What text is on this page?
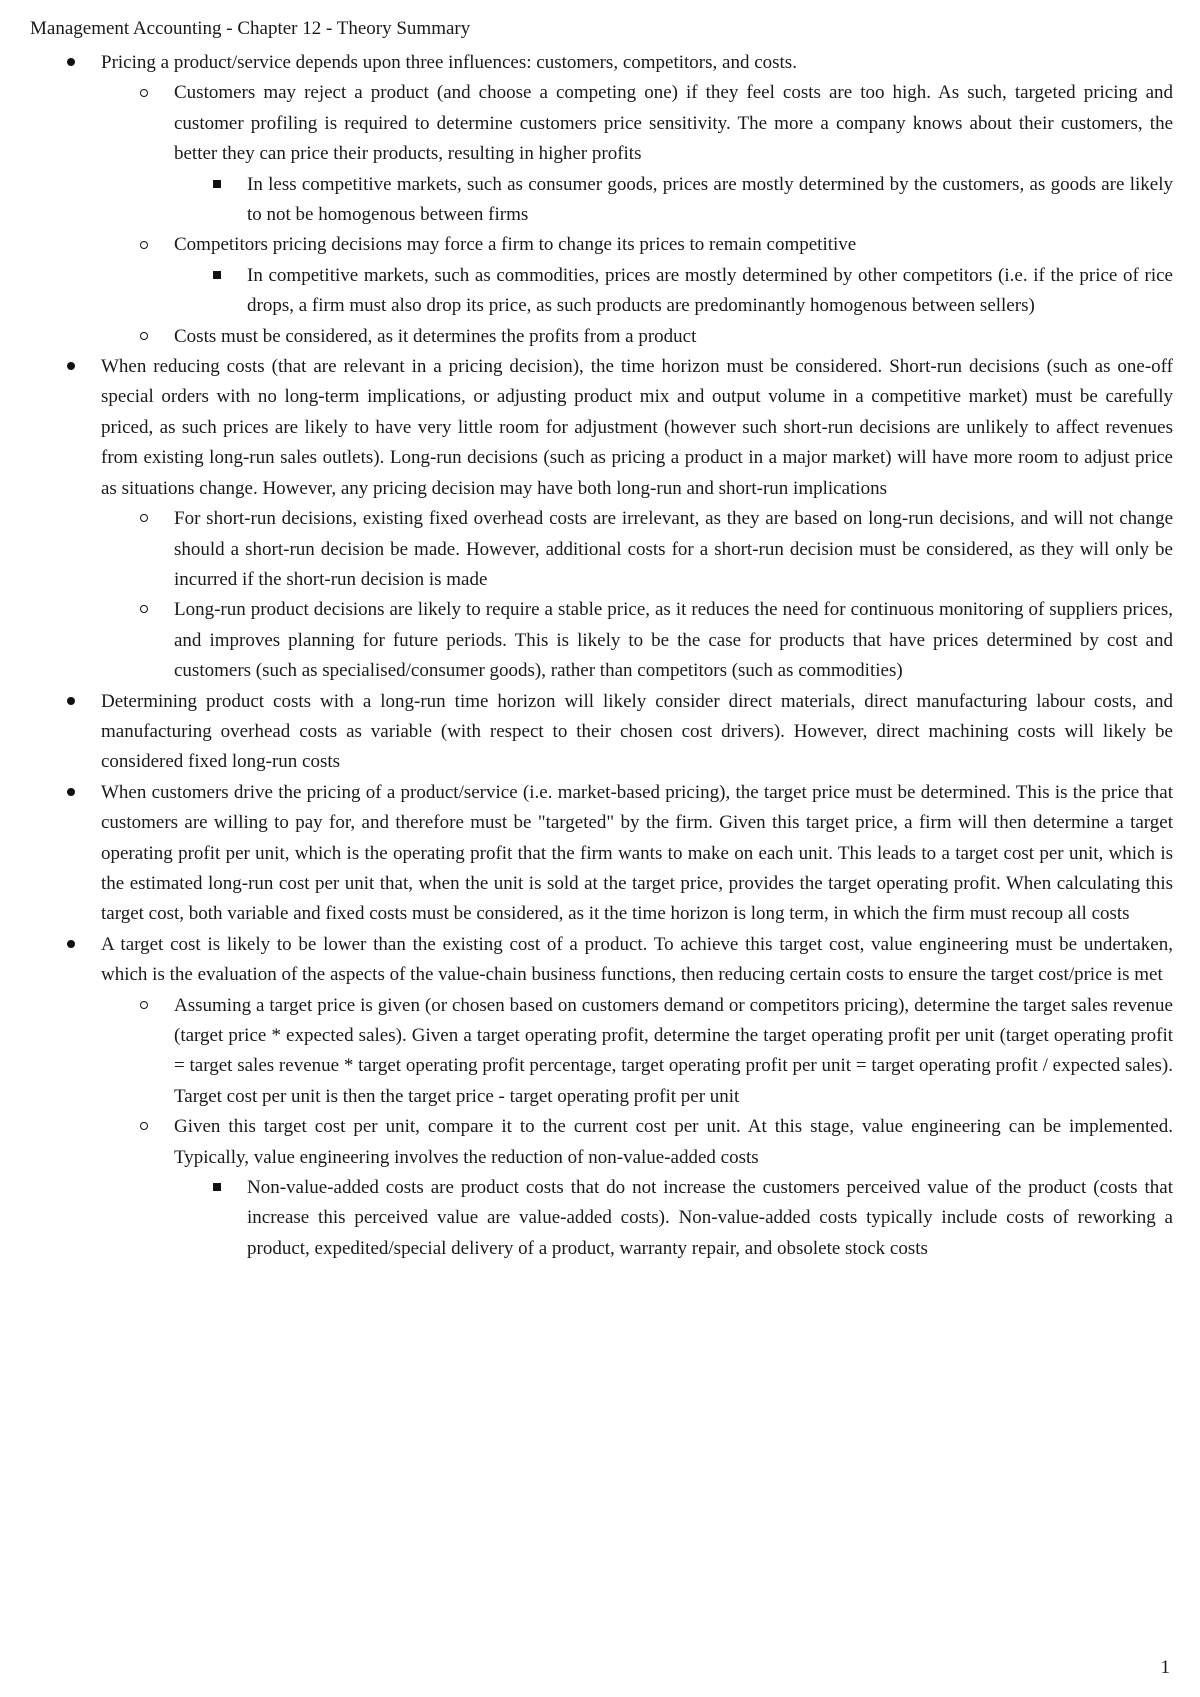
Management Accounting - Chapter 12 - Theory Summary
Pricing a product/service depends upon three influences: customers, competitors, and costs.
Customers may reject a product (and choose a competing one) if they feel costs are too high. As such, targeted pricing and customer profiling is required to determine customers price sensitivity. The more a company knows about their customers, the better they can price their products, resulting in higher profits
In less competitive markets, such as consumer goods, prices are mostly determined by the customers, as goods are likely to not be homogenous between firms
Competitors pricing decisions may force a firm to change its prices to remain competitive
In competitive markets, such as commodities, prices are mostly determined by other competitors (i.e. if the price of rice drops, a firm must also drop its price, as such products are predominantly homogenous between sellers)
Costs must be considered, as it determines the profits from a product
When reducing costs (that are relevant in a pricing decision), the time horizon must be considered. Short-run decisions (such as one-off special orders with no long-term implications, or adjusting product mix and output volume in a competitive market) must be carefully priced, as such prices are likely to have very little room for adjustment (however such short-run decisions are unlikely to affect revenues from existing long-run sales outlets). Long-run decisions (such as pricing a product in a major market) will have more room to adjust price as situations change. However, any pricing decision may have both long-run and short-run implications
For short-run decisions, existing fixed overhead costs are irrelevant, as they are based on long-run decisions, and will not change should a short-run decision be made. However, additional costs for a short-run decision must be considered, as they will only be incurred if the short-run decision is made
Long-run product decisions are likely to require a stable price, as it reduces the need for continuous monitoring of suppliers prices, and improves planning for future periods. This is likely to be the case for products that have prices determined by cost and customers (such as specialised/consumer goods), rather than competitors (such as commodities)
Determining product costs with a long-run time horizon will likely consider direct materials, direct manufacturing labour costs, and manufacturing overhead costs as variable (with respect to their chosen cost drivers). However, direct machining costs will likely be considered fixed long-run costs
When customers drive the pricing of a product/service (i.e. market-based pricing), the target price must be determined. This is the price that customers are willing to pay for, and therefore must be "targeted" by the firm. Given this target price, a firm will then determine a target operating profit per unit, which is the operating profit that the firm wants to make on each unit. This leads to a target cost per unit, which is the estimated long-run cost per unit that, when the unit is sold at the target price, provides the target operating profit. When calculating this target cost, both variable and fixed costs must be considered, as it the time horizon is long term, in which the firm must recoup all costs
A target cost is likely to be lower than the existing cost of a product. To achieve this target cost, value engineering must be undertaken, which is the evaluation of the aspects of the value-chain business functions, then reducing certain costs to ensure the target cost/price is met
Assuming a target price is given (or chosen based on customers demand or competitors pricing), determine the target sales revenue (target price * expected sales). Given a target operating profit, determine the target operating profit per unit (target operating profit = target sales revenue * target operating profit percentage, target operating profit per unit = target operating profit / expected sales). Target cost per unit is then the target price - target operating profit per unit
Given this target cost per unit, compare it to the current cost per unit. At this stage, value engineering can be implemented. Typically, value engineering involves the reduction of non-value-added costs
Non-value-added costs are product costs that do not increase the customers perceived value of the product (costs that increase this perceived value are value-added costs). Non-value-added costs typically include costs of reworking a product, expedited/special delivery of a product, warranty repair, and obsolete stock costs
1
